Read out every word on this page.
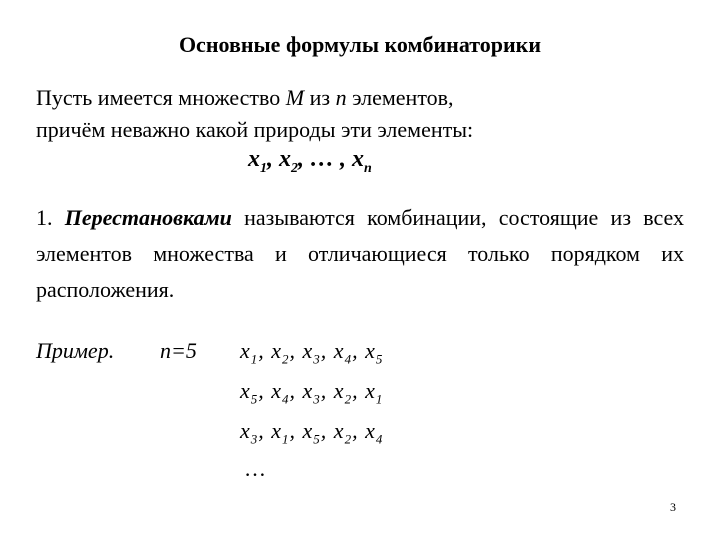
Основные формулы комбинаторики
Пусть имеется множество M из n элементов,
причём неважно какой природы эти элементы:
$x_1$, $x_2$, … , $x_n$
1. Перестановками называются комбинации, состоящие из всех элементов множества и отличающиеся только порядком их расположения.
Пример. n=5 $x_1$, $x_2$, $x_3$, $x_4$, $x_5$
$x_5$, $x_4$, $x_3$, $x_2$, $x_1$
$x_3$, $x_1$, $x_5$, $x_2$, $x_4$
…
3
